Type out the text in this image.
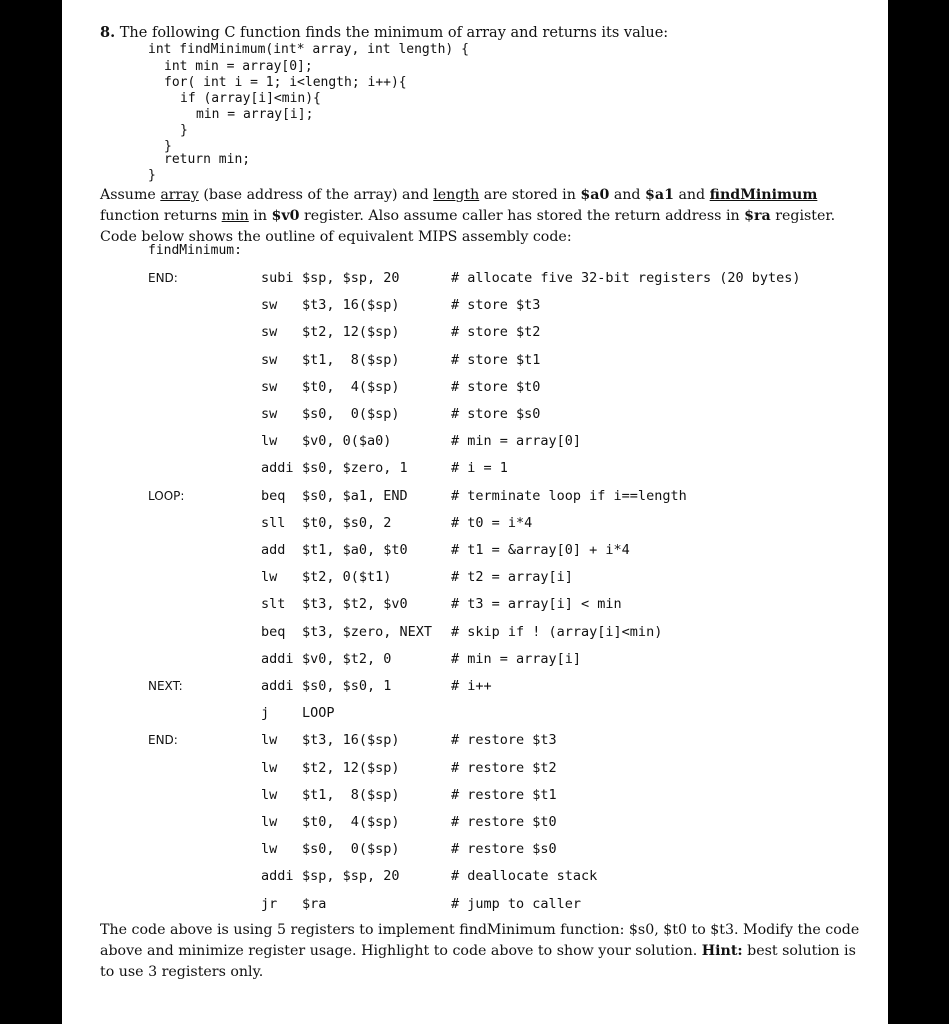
8. The following C function finds the minimum of array and returns its value:
int findMinimum(int* array, int length) {
int min = array[0];
for( int i = 1; i<length; i++){
if (array[i]<min){
min = array[i];
}
}
return min;
}
Assume array (base address of the array) and length are stored in $a0 and $a1 and findMinimum function returns min in $v0 register. Also assume caller has stored the return address in $ra register. Code below shows the outline of equivalent MIPS assembly code:
findMinimum:
END:	subi $sp, $sp, 20	# allocate five 32-bit registers (20 bytes)
sw $t3, 16($sp)	# store $t3
sw $t2, 12($sp)	# store $t2
sw $t1,  8($sp)	# store $t1
sw $t0,  4($sp)	# store $t0
sw $s0,  0($sp)	# store $s0
lw $v0, 0($a0)	# min = array[0]
addi $s0, $zero, 1	# i = 1
LOOP:	beq $s0, $a1, END	# terminate loop if i==length
sll $t0, $s0, 2	# t0 = i*4
add $t1, $a0, $t0	# t1 = &array[0] + i*4
lw $t2, 0($t1)	# t2 = array[i]
slt $t3, $t2, $v0	# t3 = array[i] < min
beq $t3, $zero, NEXT # skip if ! (array[i]<min)
addi $v0, $t2, 0	# min = array[i]
NEXT:	addi $s0, $s0, 1	# i++
j LOOP
END:	lw $t3, 16($sp)	# restore $t3
lw $t2, 12($sp)	# restore $t2
lw $t1,  8($sp)	# restore $t1
lw $t0,  4($sp)	# restore $t0
lw $s0,  0($sp)	# restore $s0
addi $sp, $sp, 20	# deallocate stack
jr $ra	# jump to caller
The code above is using 5 registers to implement findMinimum function: $s0, $t0 to $t3. Modify the code above and minimize register usage. Highlight to code above to show your solution. Hint: best solution is to use 3 registers only.
